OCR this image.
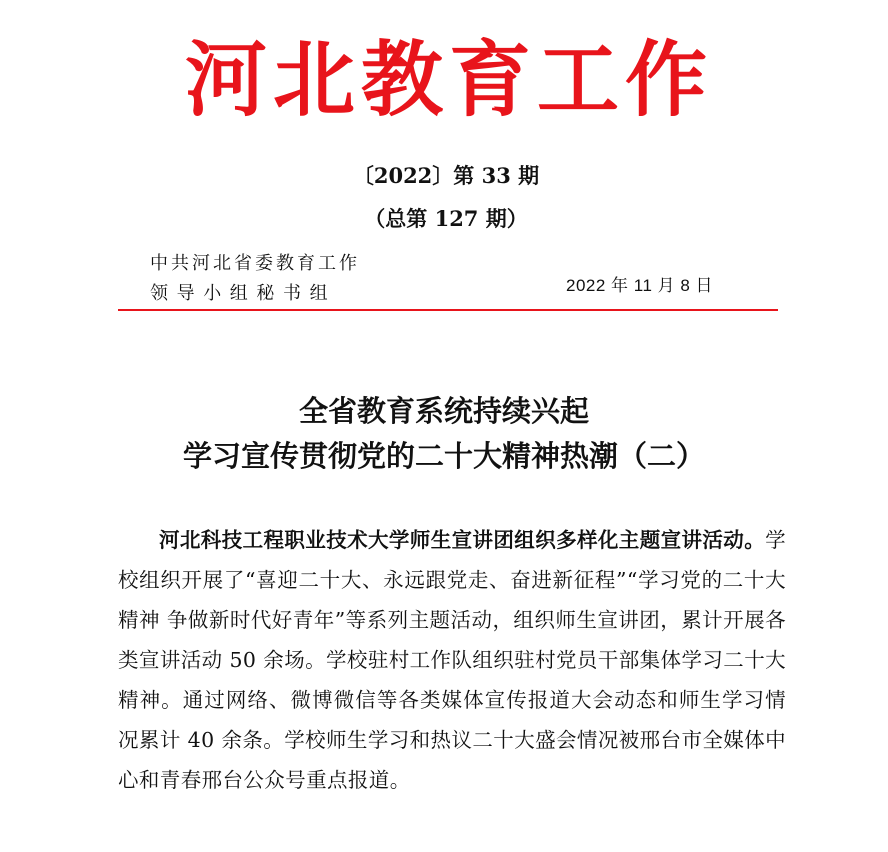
河北教育工作
〔2022〕第 33 期
（总第 127 期）
中共河北省委教育工作
领导小组秘书组	2022 年 11 月 8 日
全省教育系统持续兴起
学习宣传贯彻党的二十大精神热潮（二）
河北科技工程职业技术大学师生宣讲团组织多样化主题宣讲活动。学校组织开展了“喜迎二十大、永远跟党走、奋进新征程”“学习党的二十大精神 争做新时代好青年”等系列主题活动，组织师生宣讲团，累计开展各类宣讲活动 50 余场。学校驻村工作队组织驻村党员干部集体学习二十大精神。通过网络、微博微信等各类媒体宣传报道大会动态和师生学习情况累计 40 余条。学校师生学习和热议二十大盛会情况被邢台市全媒体中心和青春邢台公众号重点报道。
